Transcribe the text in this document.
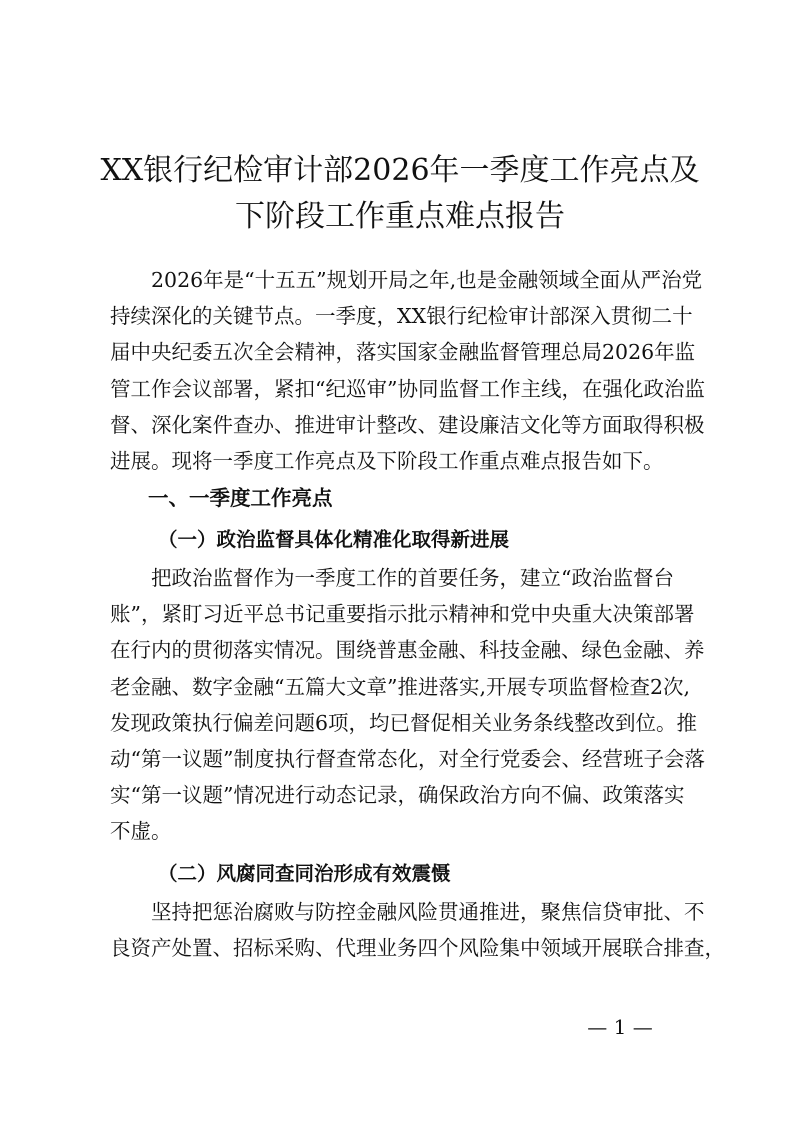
XX银行纪检审计部2026年一季度工作亮点及
下阶段工作重点难点报告
　　2026年是“十五五”规划开局之年,也是金融领域全面从严治党
持续深化的关键节点。一季度，XX银行纪检审计部深入贯彻二十
届中央纪委五次全会精神，落实国家金融监督管理总局2026年监
管工作会议部署，紧扣“纪巡审”协同监督工作主线，在强化政治监
督、深化案件查办、推进审计整改、建设廉洁文化等方面取得积极
进展。现将一季度工作亮点及下阶段工作重点难点报告如下。
一、一季度工作亮点
（一）政治监督具体化精准化取得新进展
　　把政治监督作为一季度工作的首要任务，建立“政治监督台
账”，紧盯习近平总书记重要指示批示精神和党中央重大决策部署
在行内的贯彻落实情况。围绕普惠金融、科技金融、绿色金融、养
老金融、数字金融“五篇大文章”推进落实,开展专项监督检查2次,
发现政策执行偏差问题6项，均已督促相关业务条线整改到位。推
动“第一议题”制度执行督查常态化，对全行党委会、经营班子会落
实“第一议题”情况进行动态记录，确保政治方向不偏、政策落实
不虚。
（二）风腐同查同治形成有效震慑
　　坚持把惩治腐败与防控金融风险贯通推进，聚焦信贷审批、不
良资产处置、招标采购、代理业务四个风险集中领域开展联合排查，
— 1 —
